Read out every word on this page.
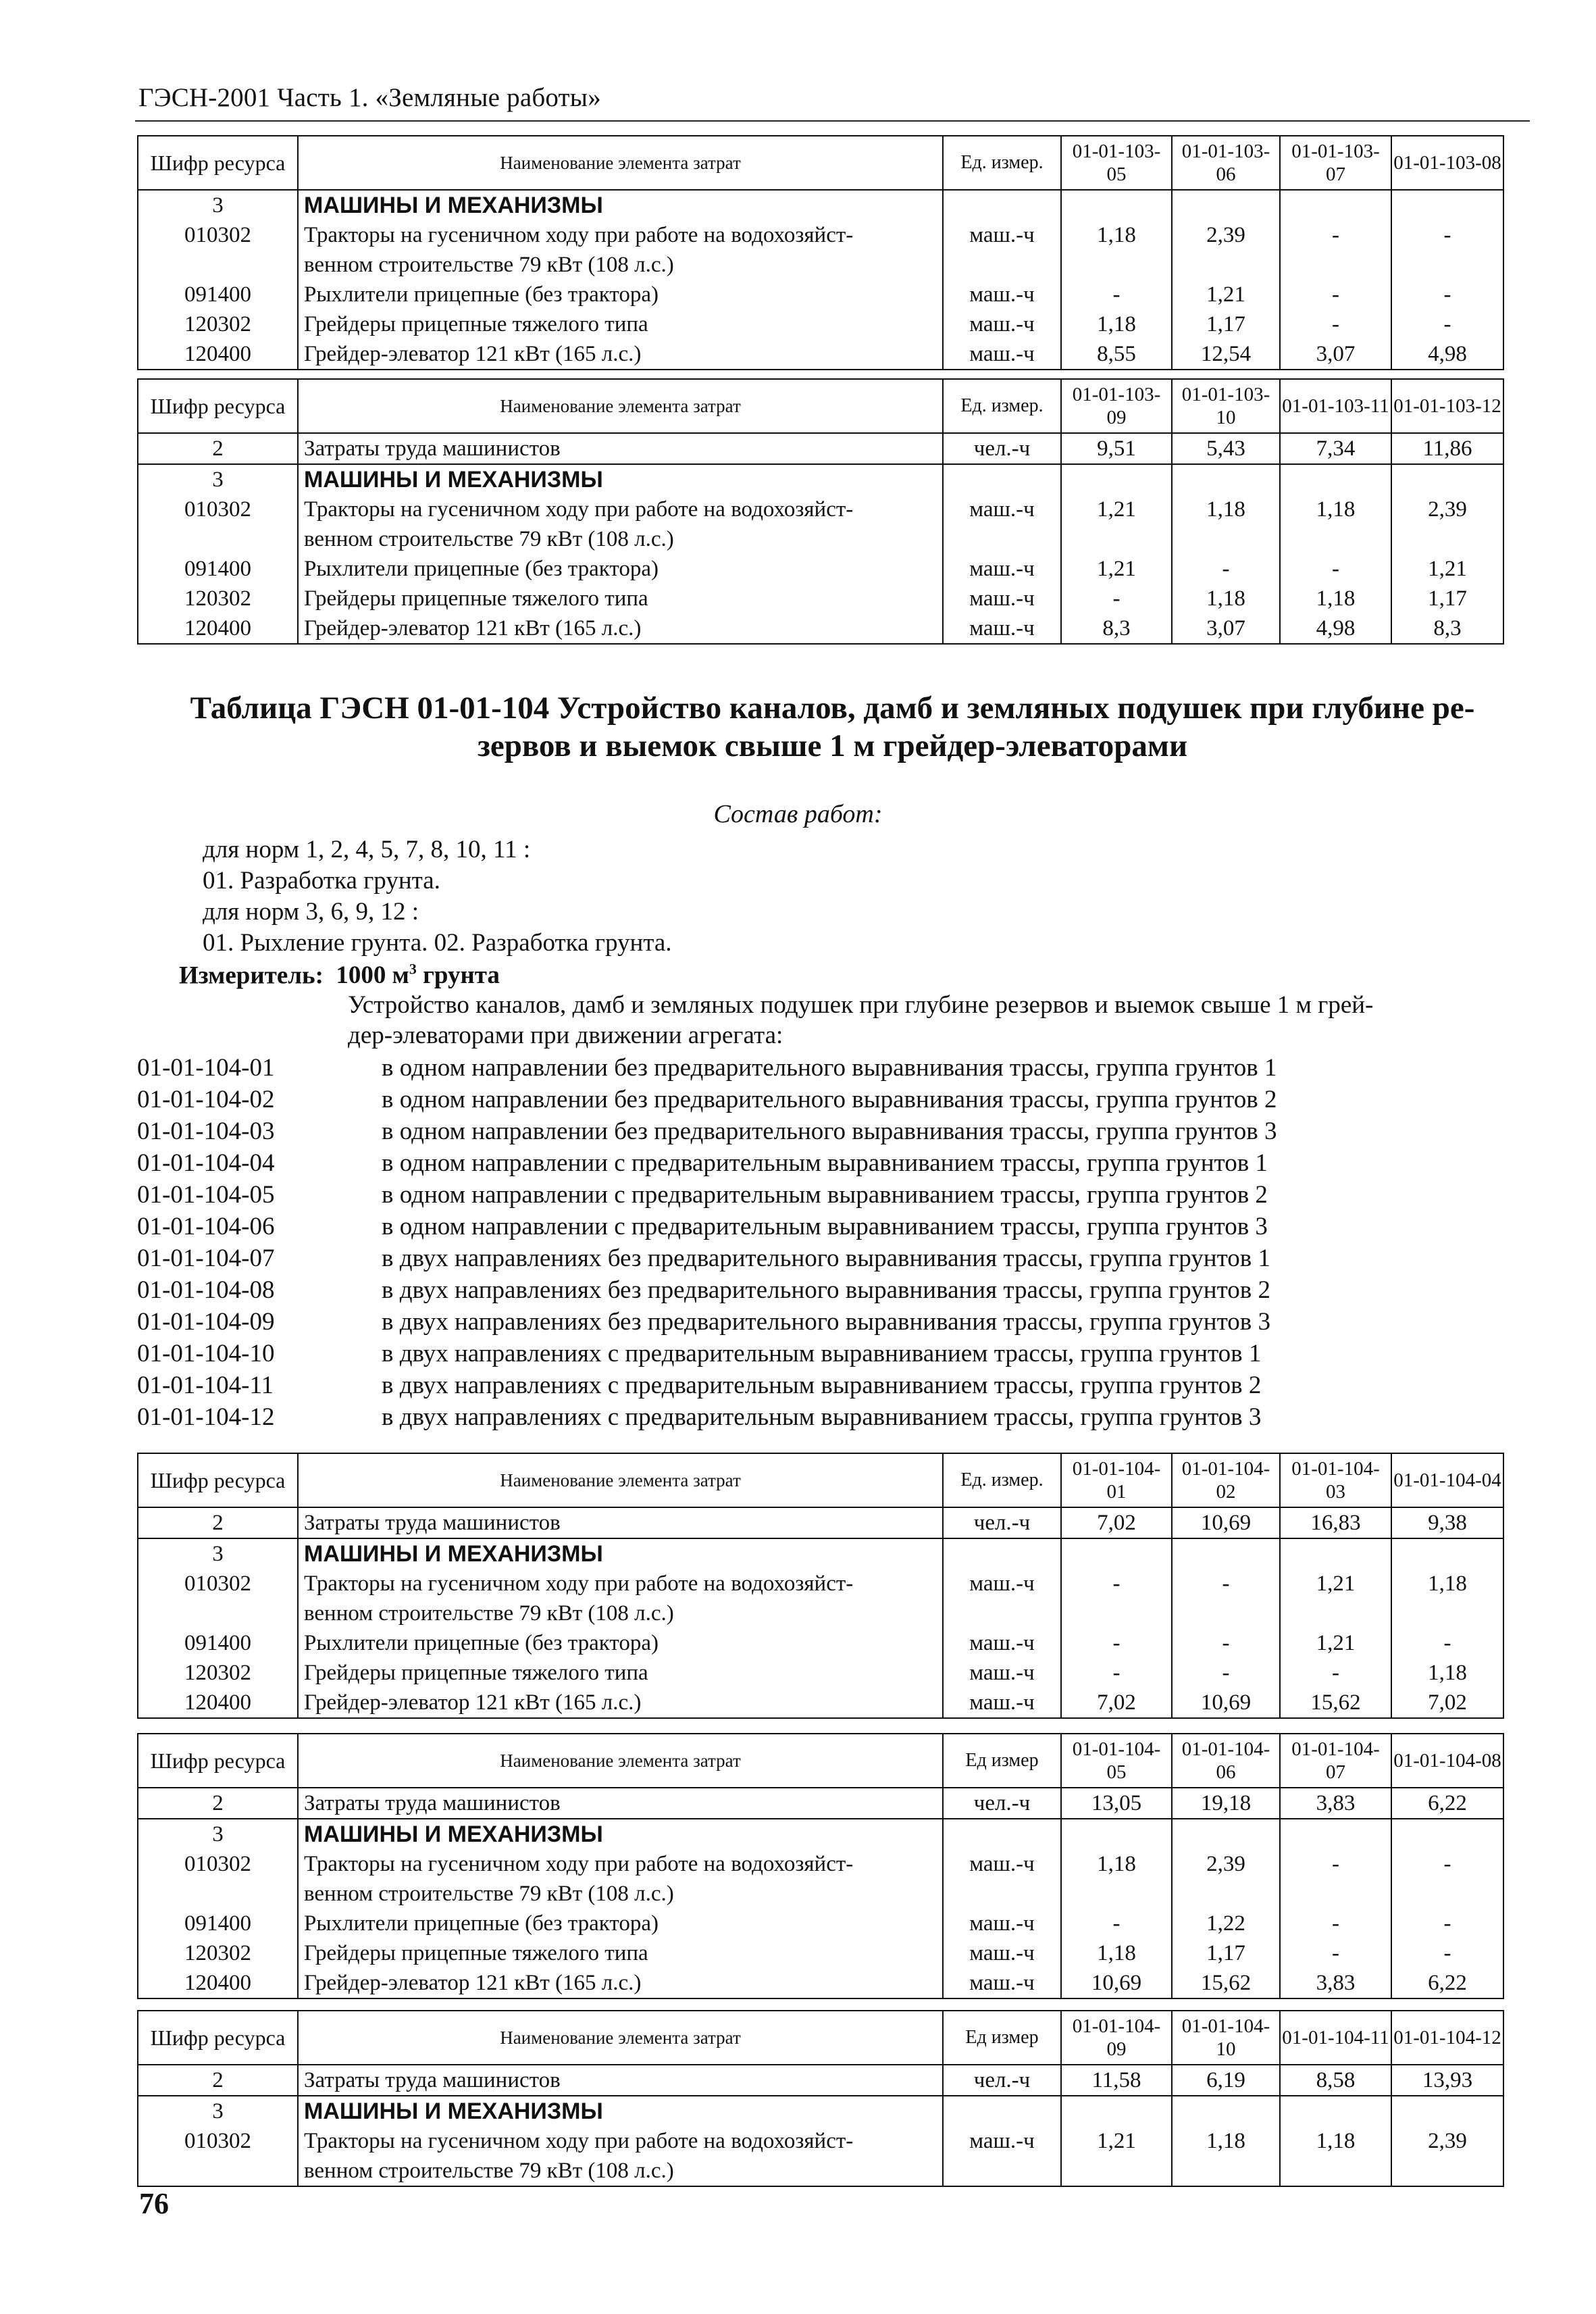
ГЭСН-2001 Часть 1. «Земляные работы»
Шифр ресурса	Наименование элемента затрат	Ед. измер.	01-01-103-05	01-01-103-06	01-01-103-07	01-01-103-08
3	МАШИНЫ И МЕХАНИЗМЫ					
010302	Тракторы на гусеничном ходу при работе на водохозяйст-
венном строительстве 79 кВт (108 л.с.)	маш.-ч	1,18	2,39	-	-
091400	Рыхлители прицепные (без трактора)	маш.-ч	-	1,21	-	-
120302	Грейдеры прицепные тяжелого типа	маш.-ч	1,18	1,17	-	-
120400	Грейдер-элеватор 121 кВт (165 л.с.)	маш.-ч	8,55	12,54	3,07	4,98
Шифр ресурса	Наименование элемента затрат	Ед. измер.	01-01-103-09	01-01-103-10	01-01-103-11	01-01-103-12
2	Затраты труда машинистов	чел.-ч	9,51	5,43	7,34	11,86
3	МАШИНЫ И МЕХАНИЗМЫ					
010302	Тракторы на гусеничном ходу при работе на водохозяйст-
венном строительстве 79 кВт (108 л.с.)	маш.-ч	1,21	1,18	1,18	2,39
091400	Рыхлители прицепные (без трактора)	маш.-ч	1,21	-	-	1,21
120302	Грейдеры прицепные тяжелого типа	маш.-ч	-	1,18	1,18	1,17
120400	Грейдер-элеватор 121 кВт (165 л.с.)	маш.-ч	8,3	3,07	4,98	8,3
Таблица ГЭСН 01-01-104 Устройство каналов, дамб и земляных подушек при глубине ре-
зервов и выемок свыше 1 м грейдер-элеваторами
Состав работ:
для норм 1, 2, 4, 5, 7, 8, 10, 11 :
01. Разработка грунта.
для норм 3, 6, 9, 12 :
01. Рыхление грунта. 02. Разработка грунта.
Измеритель: 1000 $м^3$ грунта
Устройство каналов, дамб и земляных подушек при глубине резервов и выемок свыше 1 м грей-
дер-элеваторами при движении агрегата:
01-01-104-01	в одном направлении без предварительного выравнивания трассы, группа грунтов 1
01-01-104-02	в одном направлении без предварительного выравнивания трассы, группа грунтов 2
01-01-104-03	в одном направлении без предварительного выравнивания трассы, группа грунтов 3
01-01-104-04	в одном направлении с предварительным выравниванием трассы, группа грунтов 1
01-01-104-05	в одном направлении с предварительным выравниванием трассы, группа грунтов 2
01-01-104-06	в одном направлении с предварительным выравниванием трассы, группа грунтов 3
01-01-104-07	в двух направлениях без предварительного выравнивания трассы, группа грунтов 1
01-01-104-08	в двух направлениях без предварительного выравнивания трассы, группа грунтов 2
01-01-104-09	в двух направлениях без предварительного выравнивания трассы, группа грунтов 3
01-01-104-10	в двух направлениях с предварительным выравниванием трассы, группа грунтов 1
01-01-104-11	в двух направлениях с предварительным выравниванием трассы, группа грунтов 2
01-01-104-12	в двух направлениях с предварительным выравниванием трассы, группа грунтов 3
Шифр ресурса	Наименование элемента затрат	Ед. измер.	01-01-104-01	01-01-104-02	01-01-104-03	01-01-104-04
2	Затраты труда машинистов	чел.-ч	7,02	10,69	16,83	9,38
3	МАШИНЫ И МЕХАНИЗМЫ					
010302	Тракторы на гусеничном ходу при работе на водохозяйст-
венном строительстве 79 кВт (108 л.с.)	маш.-ч	-	-	1,21	1,18
091400	Рыхлители прицепные (без трактора)	маш.-ч	-	-	1,21	-
120302	Грейдеры прицепные тяжелого типа	маш.-ч	-	-	-	1,18
120400	Грейдер-элеватор 121 кВт (165 л.с.)	маш.-ч	7,02	10,69	15,62	7,02
Шифр ресурса	Наименование элемента затрат	Ед измер	01-01-104-05	01-01-104-06	01-01-104-07	01-01-104-08
2	Затраты труда машинистов	чел.-ч	13,05	19,18	3,83	6,22
3	МАШИНЫ И МЕХАНИЗМЫ					
010302	Тракторы на гусеничном ходу при работе на водохозяйст-
венном строительстве 79 кВт (108 л.с.)	маш.-ч	1,18	2,39	-	-
091400	Рыхлители прицепные (без трактора)	маш.-ч	-	1,22	-	-
120302	Грейдеры прицепные тяжелого типа	маш.-ч	1,18	1,17	-	-
120400	Грейдер-элеватор 121 кВт (165 л.с.)	маш.-ч	10,69	15,62	3,83	6,22
Шифр ресурса	Наименование элемента затрат	Ед измер	01-01-104-09	01-01-104-10	01-01-104-11	01-01-104-12
2	Затраты труда машинистов	чел.-ч	11,58	6,19	8,58	13,93
3	МАШИНЫ И МЕХАНИЗМЫ					
010302	Тракторы на гусеничном ходу при работе на водохозяйст-
венном строительстве 79 кВт (108 л.с.)	маш.-ч	1,21	1,18	1,18	2,39
76
